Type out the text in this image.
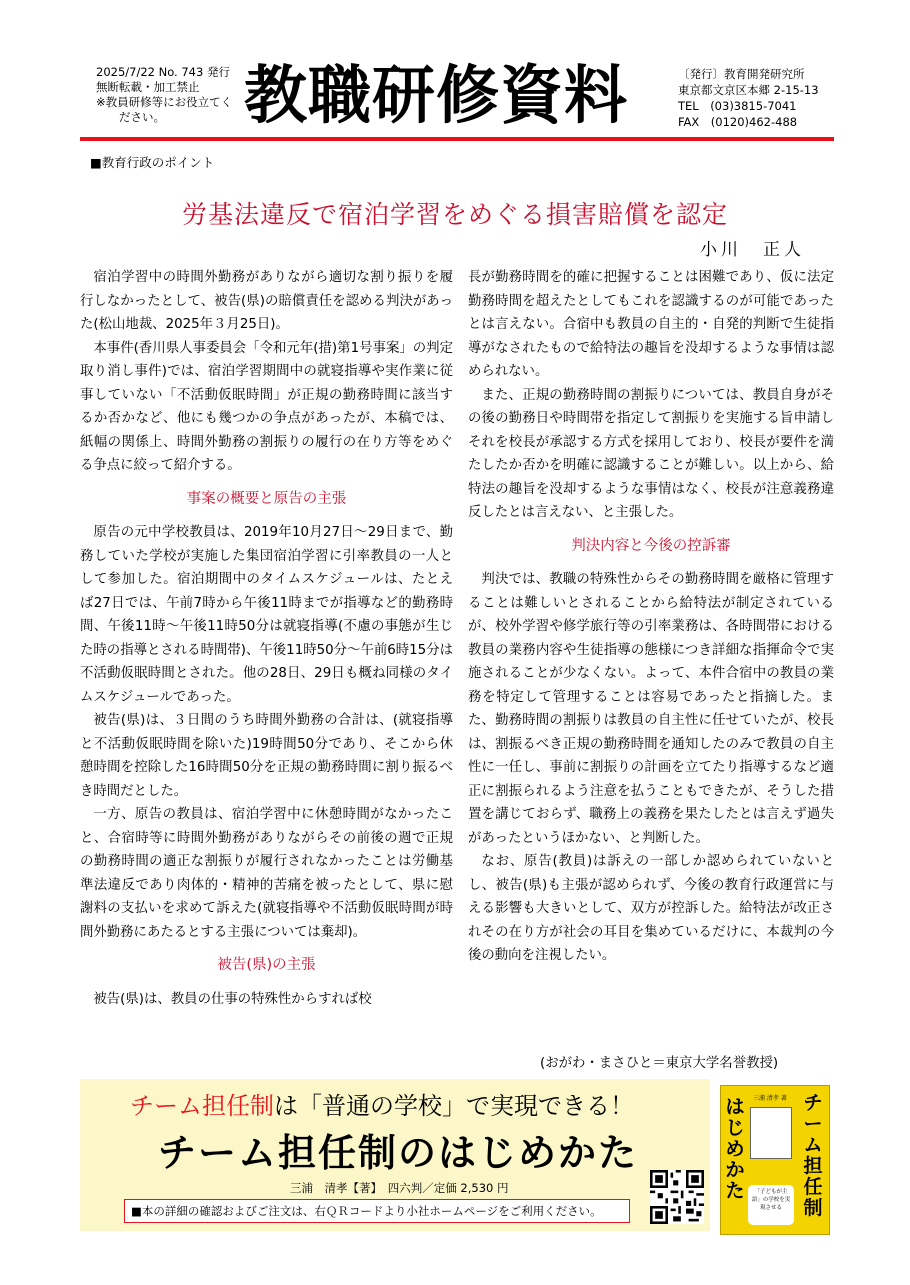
2025/7/22 No. 743 発行
無断転載・加工禁止
※教員研修等にお役立てく
ださい。	教職研修資料	〔発行〕教育開発研究所
東京都文京区本郷 2-15-13
TEL　(03)3815-7041
FAX　(0120)462-488
■教育行政のポイント
労基法違反で宿泊学習をめぐる損害賠償を認定
小川　正人

宿泊学習中の時間外勤務がありながら適切な割り振りを履行しなかったとして、被告(県)の賠償責任を認める判決があった(松山地裁、2025年３月25日)。

本事件(香川県人事委員会「令和元年(措)第1号事案」の判定取り消し事件)では、宿泊学習期間中の就寝指導や実作業に従事していない「不活動仮眠時間」が正規の勤務時間に該当するか否かなど、他にも幾つかの争点があったが、本稿では、紙幅の関係上、時間外勤務の割振りの履行の在り方等をめぐる争点に絞って紹介する。

事案の概要と原告の主張

原告の元中学校教員は、2019年10月27日～29日まで、勤務していた学校が実施した集団宿泊学習に引率教員の一人として参加した。宿泊期間中のタイムスケジュールは、たとえば27日では、午前7時から午後11時までが指導など的勤務時間、午後11時～午後11時50分は就寝指導(不慮の事態が生じた時の指導とされる時間帯)、午後11時50分～午前6時15分は不活動仮眠時間とされた。他の28日、29日も概ね同様のタイムスケジュールであった。

被告(県)は、３日間のうち時間外勤務の合計は、(就寝指導と不活動仮眠時間を除いた)19時間50分であり、そこから休憩時間を控除した16時間50分を正規の勤務時間に割り振るべき時間だとした。

一方、原告の教員は、宿泊学習中に休憩時間がなかったこと、合宿時等に時間外勤務がありながらその前後の週で正規の勤務時間の適正な割振りが履行されなかったことは労働基準法違反であり肉体的・精神的苦痛を被ったとして、県に慰謝料の支払いを求めて訴えた(就寝指導や不活動仮眠時間が時間外勤務にあたるとする主張については棄却)。

被告(県)の主張

被告(県)は、教員の仕事の特殊性からすれば校

長が勤務時間を的確に把握することは困難であり、仮に法定勤務時間を超えたとしてもこれを認識するのが可能であったとは言えない。合宿中も教員の自主的・自発的判断で生徒指導がなされたもので給特法の趣旨を没却するような事情は認められない。

また、正規の勤務時間の割振りについては、教員自身がその後の勤務日や時間帯を指定して割振りを実施する旨申請しそれを校長が承認する方式を採用しており、校長が要件を満たしたか否かを明確に認識することが難しい。以上から、給特法の趣旨を没却するような事情はなく、校長が注意義務違反したとは言えない、と主張した。

判決内容と今後の控訴審

判決では、教職の特殊性からその勤務時間を厳格に管理することは難しいとされることから給特法が制定されているが、校外学習や修学旅行等の引率業務は、各時間帯における教員の業務内容や生徒指導の態様につき詳細な指揮命令で実施されることが少なくない。よって、本件合宿中の教員の業務を特定して管理することは容易であったと指摘した。また、勤務時間の割振りは教員の自主性に任せていたが、校長は、割振るべき正規の勤務時間を通知したのみで教員の自主性に一任し、事前に割振りの計画を立てたり指導するなど適正に割振られるよう注意を払うこともできたが、そうした措置を講じておらず、職務上の義務を果たしたとは言えず過失があったというほかない、と判断した。

なお、原告(教員)は訴えの一部しか認められていないとし、被告(県)も主張が認められず、今後の教育行政運営に与える影響も大きいとして、双方が控訴した。給特法が改正されその在り方が社会の耳目を集めているだけに、本裁判の今後の動向を注視したい。

(おがわ・まさひと＝東京大学名誉教授)
チーム担任制は「普通の学校」で実現できる！
チーム担任制のはじめかた
三浦　清孝【著】　四六判／定価 2,530 円
■本の詳細の確認およびご注文は、右ＱＲコードより小社ホームページをご利用ください。
チーム担任制
はじめかた
三浦 清孝 著
「子どもが主語」の学校を実現させる
